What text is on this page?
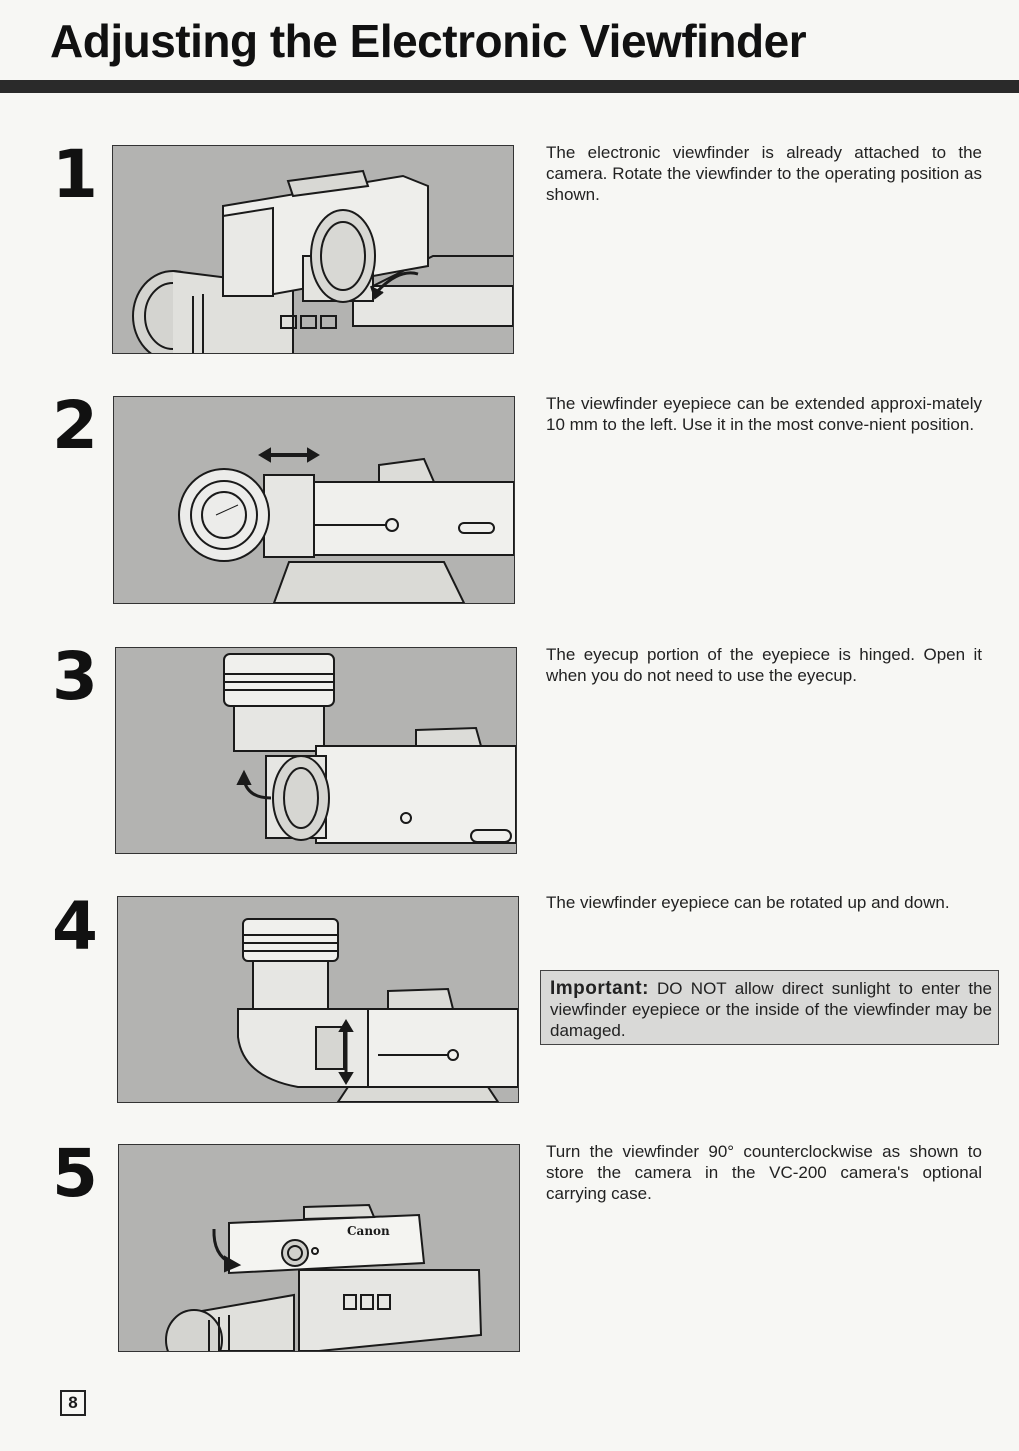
Adjusting the Electronic Viewfinder
1	The electronic viewfinder is already attached to the camera. Rotate the viewfinder to the operating position as shown.

2	The viewfinder eyepiece can be extended approxi-mately 10 mm to the left. Use it in the most conve-nient position.

3	The eyecup portion of the eyepiece is hinged. Open it when you do not need to use the eyecup.

4	The viewfinder eyepiece can be rotated up and down.

Important: DO NOT allow direct sunlight to enter the viewfinder eyepiece or the inside of the viewfinder may be damaged.
5
Canon

Turn the viewfinder 90° counterclockwise as shown to store the camera in the VC-200 camera's optional carrying case.

8
